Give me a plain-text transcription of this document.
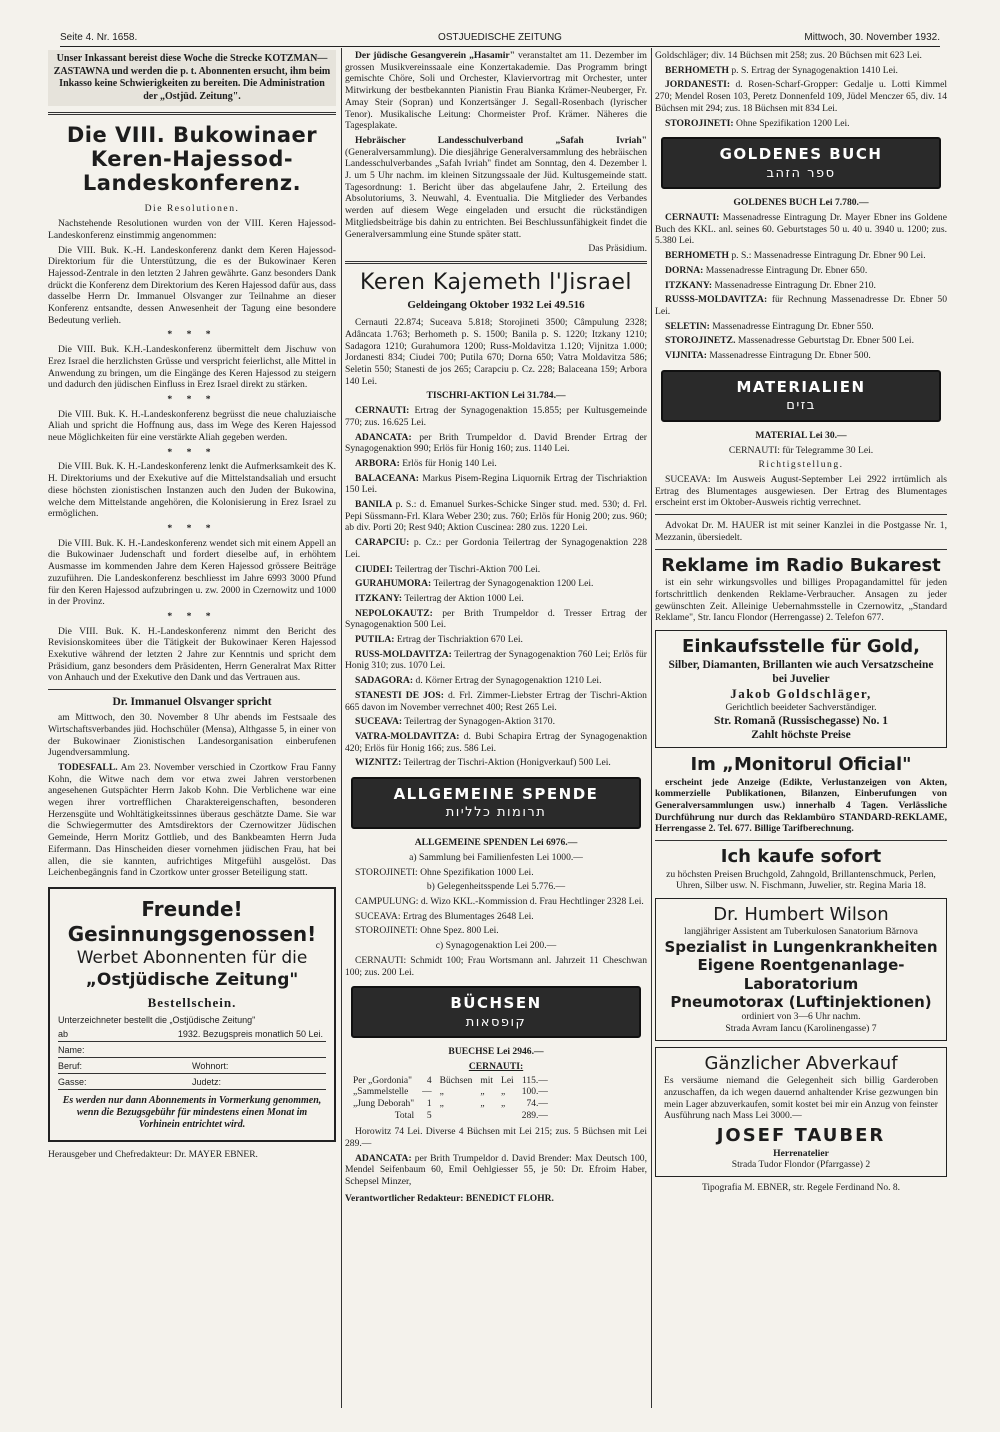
Seite 4. Nr. 1658.	OSTJUEDISCHE ZEITUNG	Mittwoch, 30. November 1932.
Unser Inkassant bereist diese Woche die Strecke KOTZMAN—ZASTAWNA und werden die p. t. Abonnenten ersucht, ihm beim Inkasso keine Schwierigkeiten zu bereiten. Die Administration der „Ostjüd. Zeitung".
Die VIII. Bukowinaer Keren-Hajessod-Landeskonferenz.

Die Resolutionen.

Nachstehende Resolutionen wurden von der VIII. Keren Hajessod-Landeskonferenz einstimmig angenommen:

Die VIII. Buk. K.-H. Landeskonferenz dankt dem Keren Hajessod-Direktorium für die Unterstützung, die es der Bukowinaer Keren Hajessod-Zentrale in den letzten 2 Jahren gewährte. Ganz besonders Dank drückt die Konferenz dem Direktorium des Keren Hajessod dafür aus, dass dasselbe Herrn Dr. Immanuel Olsvanger zur Teilnahme an dieser Konferenz entsandte, dessen Anwesenheit der Tagung eine besondere Bedeutung verlieh.

* * *

Die VIII. Buk. K.H.-Landeskonferenz übermittelt dem Jischuw von Erez Israel die herzlichsten Grüsse und verspricht feierlichst, alle Mittel in Anwendung zu bringen, um die Eingänge des Keren Hajessod zu steigern und dadurch den jüdischen Einfluss in Erez Israel direkt zu stärken.

* * *

Die VIII. Buk. K. H.-Landeskonferenz begrüsst die neue chaluziaische Aliah und spricht die Hoffnung aus, dass im Wege des Keren Hajessod neue Möglichkeiten für eine verstärkte Aliah gegeben werden.

* * *

Die VIII. Buk. K. H.-Landeskonferenz lenkt die Aufmerksamkeit des K. H. Direktoriums und der Exekutive auf die Mittelstandsaliah und ersucht diese höchsten zionistischen Instanzen auch den Juden der Bukowina, welche dem Mittelstande angehören, die Kolonisierung in Erez Israel zu ermöglichen.

* * *

Die VIII. Buk. K. H.-Landeskonferenz wendet sich mit einem Appell an die Bukowinaer Judenschaft und fordert dieselbe auf, in erhöhtem Ausmasse im kommenden Jahre dem Keren Hajessod grössere Beiträge zuzuführen. Die Landeskonferenz beschliesst im Jahre 6993 3000 Pfund für den Keren Hajessod aufzubringen u. zw. 2000 in Czernowitz und 1000 in der Provinz.

* * *

Die VIII. Buk. K. H.-Landeskonferenz nimmt den Bericht des Revisionskomitees über die Tätigkeit der Bukowinaer Keren Hajessod Exekutive während der letzten 2 Jahre zur Kenntnis und spricht dem Präsidium, ganz besonders dem Präsidenten, Herrn Generalrat Max Ritter von Anhauch und der Exekutive den Dank und das Vertrauen aus.

Dr. Immanuel Olsvanger spricht

am Mittwoch, den 30. November 8 Uhr abends im Festsaale des Wirtschaftsverbandes jüd. Hochschüler (Mensa), Althgasse 5, in einer von der Bukowinaer Zionistischen Landesorganisation einberufenen Jugendversammlung.

TODESFALL. Am 23. November verschied in Czortkow Frau Fanny Kohn, die Witwe nach dem vor etwa zwei Jahren verstorbenen angesehenen Gutspächter Herrn Jakob Kohn. Die Verblichene war eine wegen ihrer vortrefflichen Charaktereigenschaften, besonderen Herzensgüte und Wohltätigkeitssinnes überaus geschätzte Dame. Sie war die Schwiegermutter des Amtsdirektors der Czernowitzer Jüdischen Gemeinde, Herrn Moritz Gottlieb, und des Bankbeamten Herrn Juda Eifermann. Das Hinscheiden dieser vornehmen jüdischen Frau, hat bei allen, die sie kannten, aufrichtiges Mitgefühl ausgelöst. Das Leichenbegängnis fand in Czortkow unter grosser Beteiligung statt.

Freunde!
Gesinnungsgenossen!
Werbet Abonnenten für die
„Ostjüdische Zeitung"
Bestellschein.
Unterzeichneter bestellt die „Ostjüdische Zeitung"
ab	1932. Bezugspreis monatlich 50 Lei.
Name:
Beruf:	Wohnort:
Gasse:	Judetz:
Es werden nur dann Abonnements in Vormerkung genommen, wenn die Bezugsgebühr für mindestens einen Monat im Vorhinein entrichtet wird.
Herausgeber und Chefredakteur: Dr. MAYER EBNER.

Der jüdische Gesangverein „Hasamir" veranstaltet am 11. Dezember im grossen Musikvereinssaale eine Konzertakademie. Das Programm bringt gemischte Chöre, Soli und Orchester, Klaviervortrag mit Orchester, unter Mitwirkung der bestbekannten Pianistin Frau Bianka Krämer-Neuberger, Fr. Amay Steir (Sopran) und Konzertsänger J. Segall-Rosenbach (lyrischer Tenor). Musikalische Leitung: Chormeister Prof. Krämer. Näheres die Tagesplakate.

Hebräischer Landesschulverband „Safah Ivriah" (Generalversammlung). Die diesjährige Generalversammlung des hebräischen Landesschulverbandes „Safah Ivriah" findet am Sonntag, den 4. Dezember l. J. um 5 Uhr nachm. im kleinen Sitzungssaale der Jüd. Kultusgemeinde statt. Tagesordnung: 1. Bericht über das abgelaufene Jahr, 2. Erteilung des Absolutoriums, 3. Neuwahl, 4. Eventualia. Die Mitglieder des Verbandes werden auf diesem Wege eingeladen und ersucht die rückständigen Mitgliedsbeiträge bis dahin zu entrichten. Bei Beschlussunfähigkeit findet die Generalversammlung eine Stunde später statt.

Das Präsidium.

Keren Kajemeth l'Jisrael
Geldeingang Oktober 1932 Lei 49.516

Cernauti 22.874; Suceava 5.818; Storojineti 3500; Câmpulung 2328; Adâncata 1.763; Berhometh p. S. 1500; Banila p. S. 1220; Itzkany 1210; Sadagora 1210; Gurahumora 1200; Russ-Moldavitza 1.120; Vijnitza 1.000; Jordanesti 834; Ciudei 700; Putila 670; Dorna 650; Vatra Moldavitza 586; Seletin 550; Stanesti de jos 265; Carapciu p. Cz. 228; Balaceana 159; Arbora 140 Lei.

TISCHRI-AKTION Lei 31.784.—

CERNAUTI: Ertrag der Synagogenaktion 15.855; per Kultusgemeinde 770; zus. 16.625 Lei.

ADANCATA: per Brith Trumpeldor d. David Brender Ertrag der Synagogenaktion 990; Erlös für Honig 160; zus. 1140 Lei.

ARBORA: Erlös für Honig 140 Lei.

BALACEANA: Markus Pisem-Regina Liquornik Ertrag der Tischriaktion 150 Lei.

BANILA p. S.: d. Emanuel Surkes-Schicke Singer stud. med. 530; d. Frl. Pepi Süssmann-Frl. Klara Weber 230; zus. 760; Erlös für Honig 200; zus. 960; ab div. Porti 20; Rest 940; Aktion Cuscinea: 280 zus. 1220 Lei.

CARAPCIU: p. Cz.: per Gordonia Teilertrag der Synagogenaktion 228 Lei.

CIUDEI: Teilertrag der Tischri-Aktion 700 Lei.

GURAHUMORA: Teilertrag der Synagogenaktion 1200 Lei.

ITZKANY: Teilertrag der Aktion 1000 Lei.

NEPOLOKAUTZ: per Brith Trumpeldor d. Tresser Ertrag der Synagogenaktion 500 Lei.

PUTILA: Ertrag der Tischriaktion 670 Lei.

RUSS-MOLDAVITZA: Teilertrag der Synagogenaktion 760 Lei; Erlös für Honig 310; zus. 1070 Lei.

SADAGORA: d. Körner Ertrag der Synagogenaktion 1210 Lei.

STANESTI DE JOS: d. Frl. Zimmer-Liebster Ertrag der Tischri-Aktion 665 davon im November verrechnet 400; Rest 265 Lei.

SUCEAVA: Teilertrag der Synagogen-Aktion 3170.

VATRA-MOLDAVITZA: d. Bubi Schapira Ertrag der Synagogenaktion 420; Erlös für Honig 166; zus. 586 Lei.

WIZNITZ: Teilertrag der Tischri-Aktion (Honigverkauf) 500 Lei.

ALLGEMEINE SPENDE
תרומות כלליות

ALLGEMEINE SPENDEN Lei 6976.—

a) Sammlung bei Familienfesten Lei 1000.—

STOROJINETI: Ohne Spezifikation 1000 Lei.

b) Gelegenheitsspende Lei 5.776.—

CAMPULUNG: d. Wizo KKL.-Kommission d. Frau Hechtlinger 2328 Lei.

SUCEAVA: Ertrag des Blumentages 2648 Lei.

STOROJINETI: Ohne Spez. 800 Lei.

c) Synagogenaktion Lei 200.—

CERNAUTI: Schmidt 100; Frau Wortsmann anl. Jahrzeit 11 Cheschwan 100; zus. 200 Lei.

BÜCHSEN
קופסאות

BUECHSE Lei 2946.—

CERNAUTI:

Per „Gordonia"	4	Büchsen	mit	Lei	115.—
„Sammelstelle	—	„	„	„	100.—
„Jung Deborah"	1	„	„	„	74.—
Total	5				289.—

Horowitz 74 Lei. Diverse 4 Büchsen mit Lei 215; zus. 5 Büchsen mit Lei 289.—

ADANCATA: per Brith Trumpeldor d. David Brender: Max Deutsch 100, Mendel Seifenbaum 60, Emil Oehlgiesser 55, je 50: Dr. Efroim Haber, Schepsel Minzer,

Verantwortlicher Redakteur: BENEDICT FLOHR.

Goldschläger; div. 14 Büchsen mit 258; zus. 20 Büchsen mit 623 Lei.

BERHOMETH p. S. Ertrag der Synagogenaktion 1410 Lei.

JORDANESTI: d. Rosen-Scharf-Gropper: Gedalje u. Lotti Kimmel 270; Mendel Rosen 103, Peretz Donnenfeld 109, Jüdel Menczer 65, div. 14 Büchsen mit 294; zus. 18 Büchsen mit 834 Lei.

STOROJINETI: Ohne Spezifikation 1200 Lei.

GOLDENES BUCH
ספר הזהב

GOLDENES BUCH Lei 7.780.—

CERNAUTI: Massenadresse Eintragung Dr. Mayer Ebner ins Goldene Buch des KKL. anl. seines 60. Geburtstages 50 u. 40 u. 3940 u. 1200; zus. 5.380 Lei.

BERHOMETH p. S.: Massenadresse Eintragung Dr. Ebner 90 Lei.

DORNA: Massenadresse Eintragung Dr. Ebner 650.

ITZKANY: Massenadresse Eintragung Dr. Ebner 210.

RUSSS-MOLDAVITZA: für Rechnung Massenadresse Dr. Ebner 50 Lei.

SELETIN: Massenadresse Eintragung Dr. Ebner 550.

STOROJINETZ. Massenadresse Geburtstag Dr. Ebner 500 Lei.

VIJNITA: Massenadresse Eintragung Dr. Ebner 500.

MATERIALIEN
בזים

MATERIAL Lei 30.—

CERNAUTI: für Telegramme 30 Lei.

Richtigstellung.

SUCEAVA: Im Ausweis August-September Lei 2922 irrtümlich als Ertrag des Blumentages ausgewiesen. Der Ertrag des Blumentages erscheint erst im Oktober-Ausweis richtig verrechnet.

Advokat Dr. M. HAUER ist mit seiner Kanzlei in die Postgasse Nr. 1, Mezzanin, übersiedelt.

Reklame im Radio Bukarest

ist ein sehr wirkungsvolles und billiges Propagandamittel für jeden fortschrittlich denkenden Reklame-Verbraucher. Ansagen zu jeder gewünschten Zeit. Alleinige Uebernahmsstelle in Czernowitz, „Standard Reklame", Str. Iancu Flondor (Herrengasse) 2. Telefon 677.

Einkaufsstelle für Gold,
Silber, Diamanten, Brillanten wie auch Versatzscheine bei Juvelier
Jakob Goldschläger,
Gerichtlich beeideter Sachverständiger.
Str. Romană (Russischegasse) No. 1
Zahlt höchste Preise
Im „Monitorul Oficial"

erscheint jede Anzeige (Edikte, Verlustanzeigen von Akten, kommerzielle Publikationen, Bilanzen, Einberufungen von Generalversammlungen usw.) innerhalb 4 Tagen. Verlässliche Durchführung nur durch das Reklambüro STANDARD-REKLAME, Herrengasse 2. Tel. 677. Billige Tarifberechnung.

Ich kaufe sofort

zu höchsten Preisen Bruchgold, Zahngold, Brillantenschmuck, Perlen, Uhren, Silber usw. N. Fischmann, Juwelier, str. Regina Maria 18.

Dr. Humbert Wilson
langjähriger Assistent am Tuberkulosen Sanatorium Bărnova
Spezialist in Lungenkrankheiten
Eigene Roentgenanlage-Laboratorium
Pneumotorax (Luftinjektionen)
ordiniert von 3—6 Uhr nachm.
Strada Avram Iancu (Karolinengasse) 7
Gänzlicher Abverkauf

Es versäume niemand die Gelegenheit sich billig Garderoben anzuschaffen, da ich wegen dauernd anhaltender Krise gezwungen bin mein Lager abzuverkaufen, somit kostet bei mir ein Anzug von feinster Ausführung nach Mass Lei 3000.—

JOSEF TAUBER
Herrenatelier
Strada Tudor Flondor (Pfarrgasse) 2
Tipografia M. EBNER, str. Regele Ferdinand No. 8.
